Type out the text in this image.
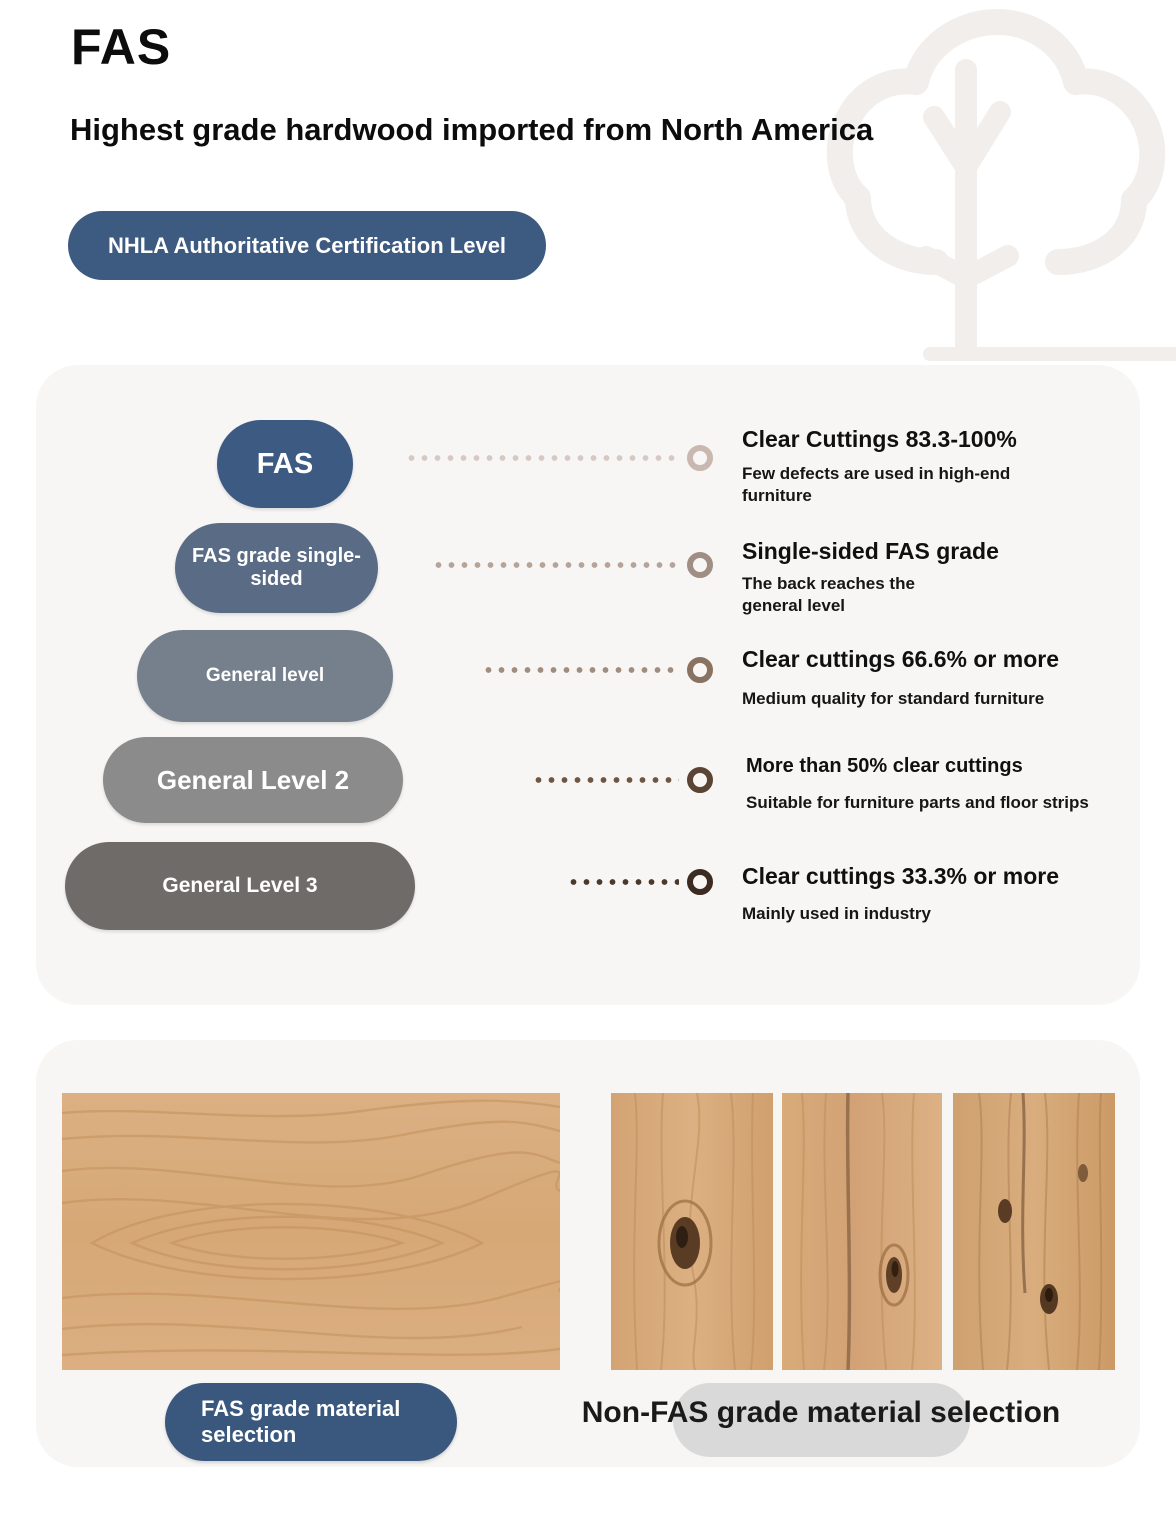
FAS
Highest grade hardwood imported from North America
NHLA Authoritative Certification Level
FAS
Clear Cuttings 83.3-100%
Few defects are used in high-end furniture
FAS grade single-sided
Single-sided FAS grade
The back reaches the general level
General level
Clear cuttings 66.6% or more
Medium quality for standard furniture
General Level 2	More than 50% clear cuttings
Suitable for furniture parts and floor strips
General Level 3	Clear cuttings 33.3% or more
Mainly used in industry
FAS grade material selection
Non-FAS grade material selection
